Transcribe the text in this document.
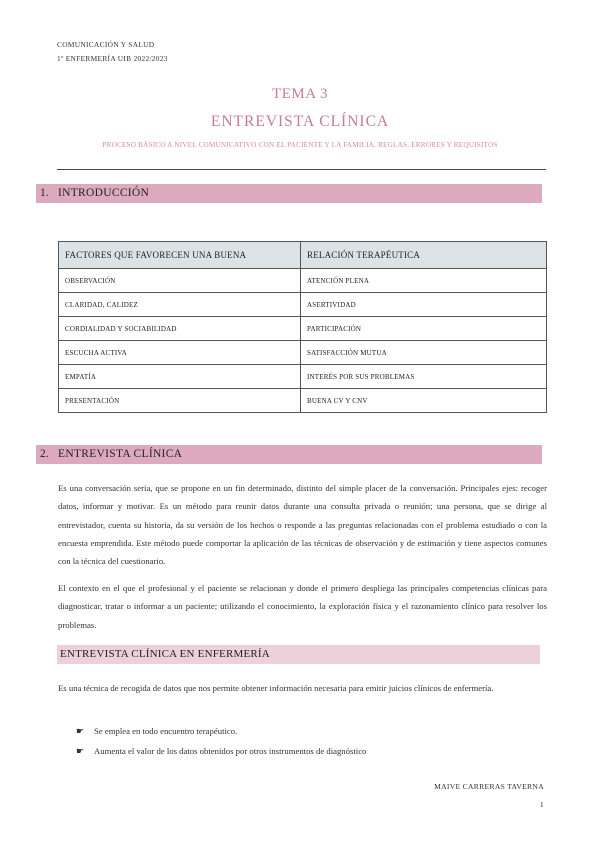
COMUNICACIÓN Y SALUD
1º ENFERMERÍA UIB 2022/2023
TEMA 3
ENTREVISTA CLÍNICA
PROCESO BÁSICO A NIVEL COMUNICATIVO CON EL PACIENTE Y LA FAMILIA, REGLAS, ERRORES Y REQUISITOS
1. INTRODUCCIÓN
FACTORES QUE FAVORECEN UNA BUENA	RELACIÓN TERAPÉUTICA
OBSERVACIÓN	ATENCIÓN PLENA
CLARIDAD, CALIDEZ	ASERTIVIDAD
CORDIALIDAD Y SOCIABILIDAD	PARTICIPACIÓN
ESCUCHA ACTIVA	SATISFACCIÓN MUTUA
EMPATÍA	INTERÉS POR SUS PROBLEMAS
PRESENTACIÓN	BUENA CV Y CNV
2. ENTREVISTA CLÍNICA
Es una conversación seria, que se propone en un fin determinado, distinto del simple placer de la conversación. Principales ejes: recoger datos, informar y motivar. Es un método para reunir datos durante una consulta privada o reunión; una persona, que se dirige al entrevistador, cuenta su historia, da su versión de los hechos o responde a las preguntas relacionadas con el problema estudiado o con la encuesta emprendida. Este método puede comportar la aplicación de las técnicas de observación y de estimación y tiene aspectos comunes con la técnica del cuestionario.
El contexto en el que el profesional y el paciente se relacionan y donde el primero despliega las principales competencias clínicas para diagnosticar, tratar o informar a un paciente; utilizando el conocimiento, la exploración física y el razonamiento clínico para resolver los problemas.
ENTREVISTA CLÍNICA EN ENFERMERÍA
Es una técnica de recogida de datos que nos permite obtener información necesaria para emitir juicios clínicos de enfermería.
☛ Se emplea en todo encuentro terapéutico.
☛ Aumenta el valor de los datos obtenidos por otros instrumentos de diagnóstico
MAIVE CARRERAS TAVERNA
1
